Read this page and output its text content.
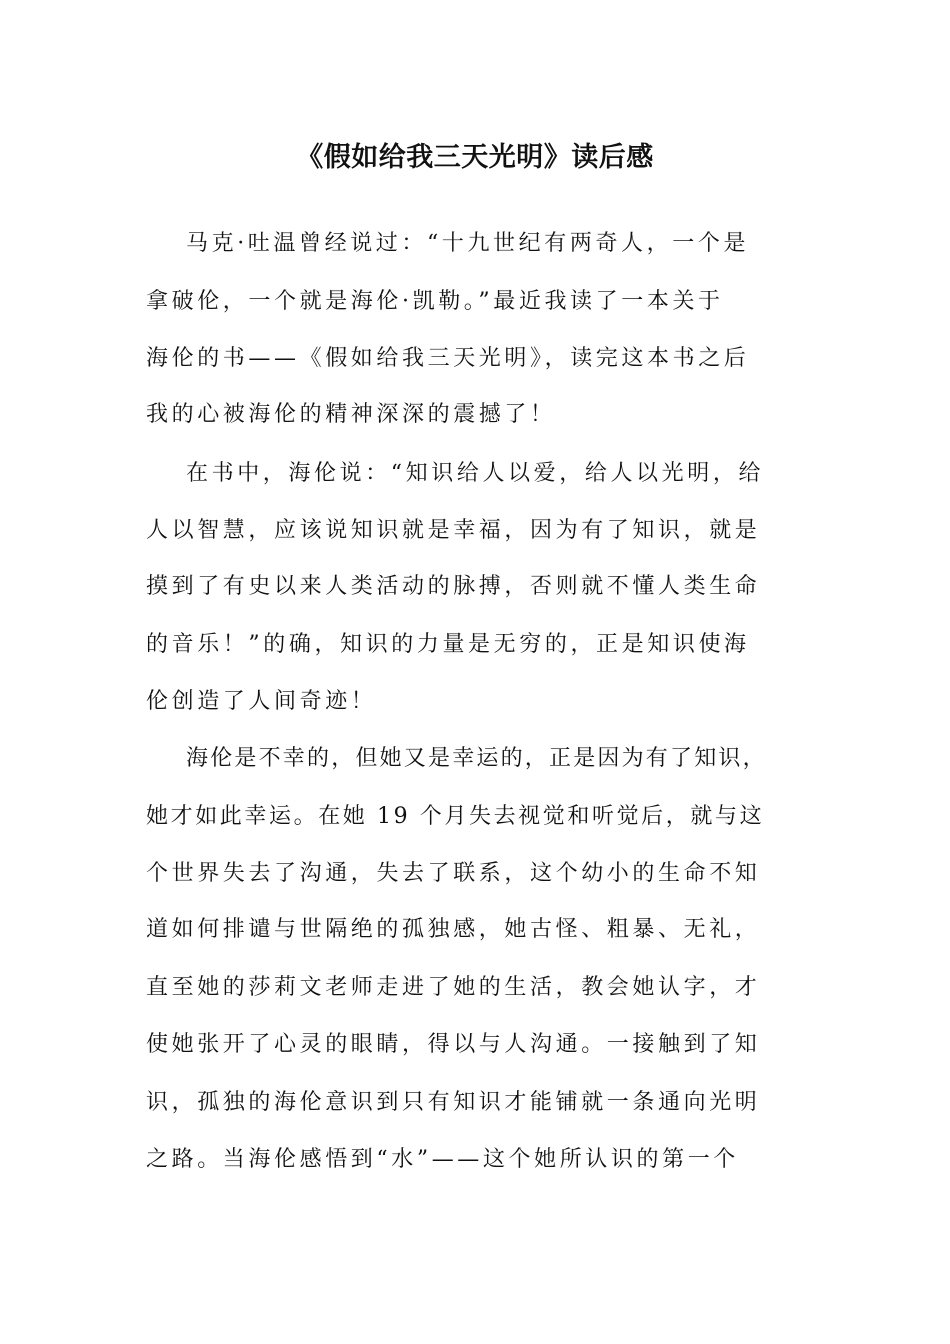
《假如给我三天光明》读后感
马克·吐温曾经说过：“十九世纪有两奇人，一个是
拿破伦，一个就是海伦·凯勒。”最近我读了一本关于
海伦的书——《假如给我三天光明》，读完这本书之后
我的心被海伦的精神深深的震撼了！
在书中，海伦说：“知识给人以爱，给人以光明，给
人以智慧，应该说知识就是幸福，因为有了知识，就是
摸到了有史以来人类活动的脉搏，否则就不懂人类生命
的音乐！”的确，知识的力量是无穷的，正是知识使海
伦创造了人间奇迹！
海伦是不幸的，但她又是幸运的，正是因为有了知识，
她才如此幸运。在她 19 个月失去视觉和听觉后，就与这
个世界失去了沟通，失去了联系，这个幼小的生命不知
道如何排谴与世隔绝的孤独感，她古怪、粗暴、无礼，
直至她的莎莉文老师走进了她的生活，教会她认字，才
使她张开了心灵的眼睛，得以与人沟通。一接触到了知
识，孤独的海伦意识到只有知识才能铺就一条通向光明
之路。当海伦感悟到“水”——这个她所认识的第一个
